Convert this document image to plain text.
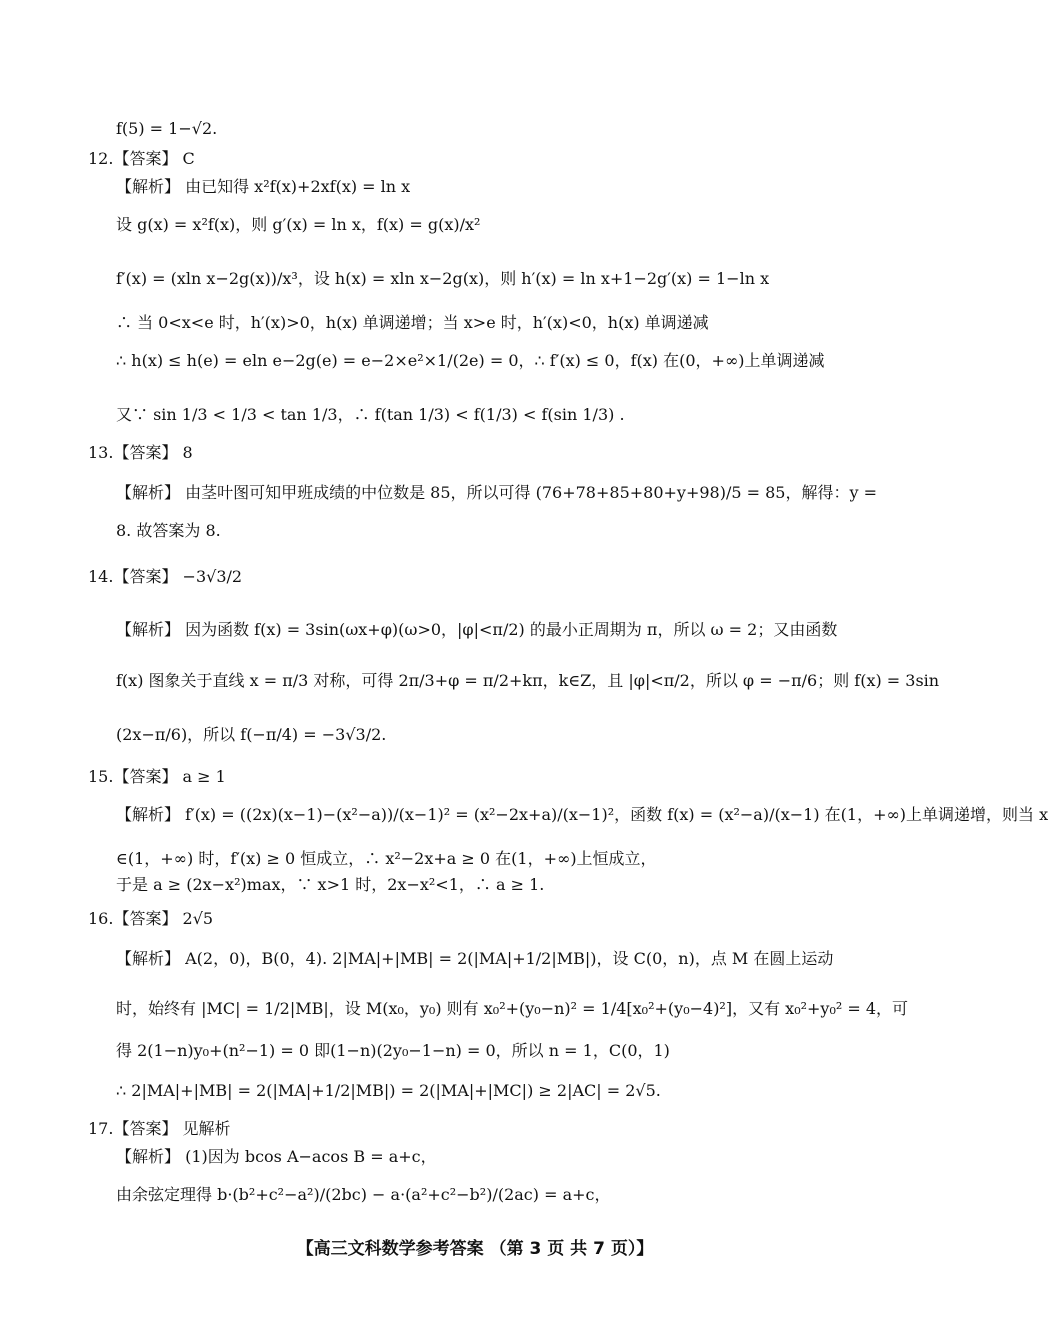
f(5) = 1−√2.
12.【答案】 C
【解析】 由已知得 x²f(x)+2xf(x) = ln x
设 g(x) = x²f(x)，则 g′(x) = ln x，f(x) = g(x)/x²
f′(x) = (xln x−2g(x))/x³，设 h(x) = xln x−2g(x)，则 h′(x) = ln x+1−2g′(x) = 1−ln x
∴ 当 0<x<e 时，h′(x)>0，h(x) 单调递增；当 x>e 时，h′(x)<0，h(x) 单调递减
∴ h(x) ≤ h(e) = eln e−2g(e) = e−2×e²×1/(2e) = 0，∴ f′(x) ≤ 0，f(x) 在(0，+∞)上单调递减
又∵ sin 1/3 < 1/3 < tan 1/3，∴ f(tan 1/3) < f(1/3) < f(sin 1/3) .
13.【答案】 8
【解析】 由茎叶图可知甲班成绩的中位数是 85，所以可得 (76+78+85+80+y+98)/5 = 85，解得：y =
8. 故答案为 8.
14.【答案】 −3√3/2
【解析】 因为函数 f(x) = 3sin(ωx+φ)(ω>0，|φ|<π/2) 的最小正周期为 π，所以 ω = 2；又由函数
f(x) 图象关于直线 x = π/3 对称，可得 2π/3+φ = π/2+kπ，k∈Z，且 |φ|<π/2，所以 φ = −π/6；则 f(x) = 3sin
(2x−π/6)，所以 f(−π/4) = −3√3/2.
15.【答案】 a ≥ 1
【解析】 f′(x) = ((2x)(x−1)−(x²−a))/(x−1)² = (x²−2x+a)/(x−1)²，函数 f(x) = (x²−a)/(x−1) 在(1，+∞)上单调递增，则当 x
∈(1，+∞) 时，f′(x) ≥ 0 恒成立，∴ x²−2x+a ≥ 0 在(1，+∞)上恒成立，
于是 a ≥ (2x−x²)max，∵ x>1 时，2x−x²<1，∴ a ≥ 1.
16.【答案】 2√5
【解析】 A(2，0)，B(0，4). 2|MA|+|MB| = 2(|MA|+1/2|MB|)，设 C(0，n)，点 M 在圆上运动
时，始终有 |MC| = 1/2|MB|，设 M(x₀，y₀) 则有 x₀²+(y₀−n)² = 1/4[x₀²+(y₀−4)²]，又有 x₀²+y₀² = 4，可
得 2(1−n)y₀+(n²−1) = 0 即(1−n)(2y₀−1−n) = 0，所以 n = 1，C(0，1)
∴ 2|MA|+|MB| = 2(|MA|+1/2|MB|) = 2(|MA|+|MC|) ≥ 2|AC| = 2√5.
17.【答案】 见解析
【解析】 (1)因为 bcos A−acos B = a+c，
由余弦定理得 b·(b²+c²−a²)/(2bc) − a·(a²+c²−b²)/(2ac) = a+c，
【高三文科数学参考答案 （第 3 页 共 7 页）】
